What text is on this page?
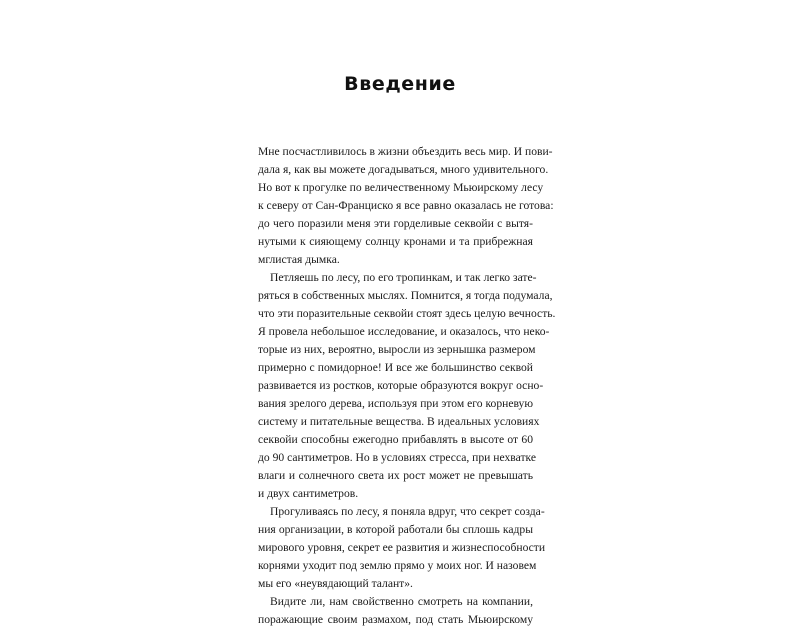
Введение
Мне посчастливилось в жизни объездить весь мир. И пови-
дала я, как вы можете догадываться, много удивительного.
Но вот к прогулке по величественному Мьюирскому лесу
к северу от Сан-Франциско я все равно оказалась не готова:
до чего поразили меня эти гордeливые секвойи с вытя-
нутыми к сияющему солнцу кронами и та прибрежная
мглистая дымка.
Петляешь по лесу, по его тропинкам, и так легко зате-
ряться в собственных мыслях. Помнится, я тогда подумала,
что эти поразительные секвойи стоят здесь целую вечность.
Я провела небольшое исследование, и оказалось, что неко-
торые из них, вероятно, выросли из зернышка размером
примерно с помидорное! И все же большинство секвой
развивается из ростков, которые образуются вокруг осно-
вания зрелого дерева, используя при этом его корневую
систему и питательные вещества. В идеальных условиях
секвойи способны ежегодно прибавлять в высоте от 60
до 90 сантиметров. Но в условиях стресса, при нехватке
влаги и солнечного света их рост может не превышать
и двух сантиметров.
Прогуливаясь по лесу, я поняла вдруг, что секрет созда-
ния организации, в которой работали бы сплошь кадры
мирового уровня, секрет ее развития и жизнеспособности
корнями уходит под землю прямо у моих ног. И назовем
мы его «неувядающий талант».
Видите ли, нам свойственно смотреть на компании,
поражающие своим размахом, под стать Мьюирскому
